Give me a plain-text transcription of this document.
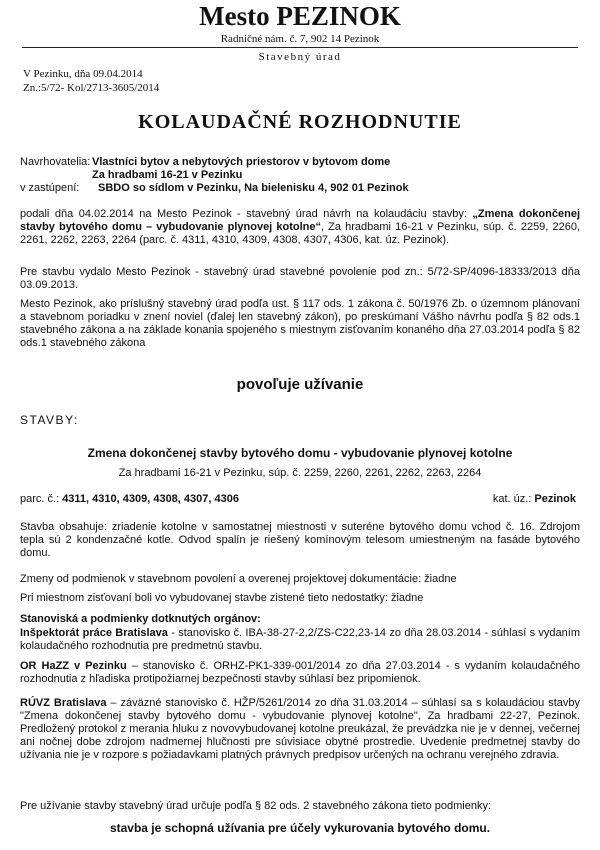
Mesto PEZINOK
Radničné nám. č. 7, 902 14 Pezinok
Stavebný úrad
V Pezinku, dňa 09.04.2014
Zn.:5/72- Kol/2713-3605/2014
KOLAUDAČNÉ ROZHODNUTIE
Navrhovatelia: Vlastníci bytov a nebytových priestorov v bytovom dome
Za hradbami 16-21 v Pezinku
v zastúpení: SBDO so sídlom v Pezinku, Na bielenisku 4, 902 01 Pezinok

podali dňa 04.02.2014 na Mesto Pezinok - stavebný úrad návrh na kolaudáciu stavby: „Zmena dokončenej stavby bytového domu – vybudovanie plynovej kotolne“, Za hradbami 16-21 v Pezinku, súp. č. 2259, 2260, 2261, 2262, 2263, 2264 (parc. č. 4311, 4310, 4309, 4308, 4307, 4306, kat. úz. Pezinok).

Pre stavbu vydalo Mesto Pezinok - stavebný úrad stavebné povolenie pod zn.: 5/72-SP/4096-18333/2013 dňa 03.09.2013.

Mesto Pezinok, ako príslušný stavebný úrad podľa ust. § 117 ods. 1 zákona č. 50/1976 Zb. o územnom plánovaní a stavebnom poriadku v znení noviel (ďalej len stavebný zákon), po preskúmaní Vášho návrhu podľa § 82 ods.1 stavebného zákona a na základe konania spojeného s miestnym zisťovaním konaného dňa 27.03.2014 podľa § 82 ods.1 stavebného zákona

povoľuje užívanie
STAVBY:
Zmena dokončenej stavby bytového domu - vybudovanie plynovej kotolne
Za hradbami 16-21 v Pezinku, súp. č. 2259, 2260, 2261, 2262, 2263, 2264
parc. č.: 4311, 4310, 4309, 4308, 4307, 4306	kat. úz.: Pezinok

Stavba obsahuje: zriadenie kotolne v samostatnej miestnosti v suteréne bytového domu vchod č. 16. Zdrojom tepla sú 2 kondenzačné kotle. Odvod spalín je riešený komínovým telesom umiestneným na fasáde bytového domu.

Zmeny od podmienok v stavebnom povolení a overenej projektovej dokumentácie: žiadne

Pri miestnom zisťovaní boli vo vybudovanej stavbe zistené tieto nedostatky: žiadne

Stanoviská a podmienky dotknutých orgánov:

Inšpektorát práce Bratislava - stanovisko č. IBA-38-27-2,2/ZS-C22,23-14 zo dňa 28.03.2014 - súhlasí s vydaním kolaudačného rozhodnutia pre predmetnú stavbu.

OR HaZZ v Pezinku – stanovisko č. ORHZ-PK1-339-001/2014 zo dňa 27.03.2014 - s vydaním kolaudačného rozhodnutia z hľadiska protipožiarnej bezpečnosti stavby súhlasí bez pripomienok.

RÚVZ Bratislava – záväzné stanovisko č. HŽP/5261/2014 zo dňa 31.03.2014 – súhlasí sa s kolaudáciou stavby "Zmena dokončenej stavby bytového domu - vybudovanie plynovej kotolne", Za hradbami 22-27, Pezinok. Predložený protokol z merania hluku z novovybudovanej kotolne preukázal, že prevádzka nie je v dennej, večernej ani nočnej dobe zdrojom nadmernej hlučnosti pre súvisiace obytné prostredie. Uvedenie predmetnej stavby do užívania nie je v rozpore s požiadavkami platných právnych predpisov určených na ochranu verejného zdravia.

Pre užívanie stavby stavebný úrad určuje podľa § 82 ods. 2 stavebného zákona tieto podmienky:

stavba je schopná užívania pre účely vykurovania bytového domu.
